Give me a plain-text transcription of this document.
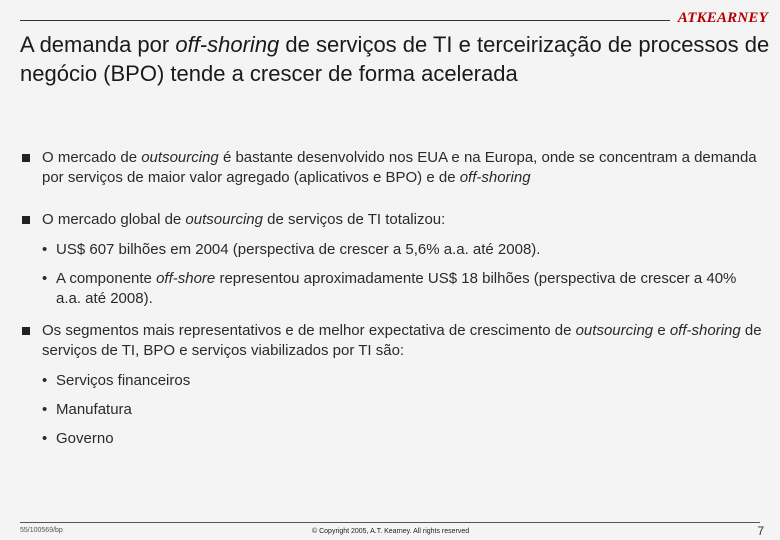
ATKEARNEY
A demanda por off-shoring de serviços de TI e terceirização de processos de negócio (BPO) tende a crescer de forma acelerada

O mercado de outsourcing é bastante desenvolvido nos EUA e na Europa, onde se concentram a demanda por serviços de maior valor agregado (aplicativos e BPO) e de off-shoring

O mercado global de outsourcing de serviços de TI totalizou:

• US$ 607 bilhões em 2004 (perspectiva de crescer a 5,6% a.a. até 2008).

• A componente off-shore representou aproximadamente US$ 18 bilhões (perspectiva de crescer a 40% a.a. até 2008).

Os segmentos mais representativos e de melhor expectativa de crescimento de outsourcing e off-shoring de serviços de TI, BPO e serviços viabilizados por TI são:

• Serviços financeiros

• Manufatura

• Governo

55/100569/bp	© Copyright 2005, A.T. Kearney. All rights reserved	7
